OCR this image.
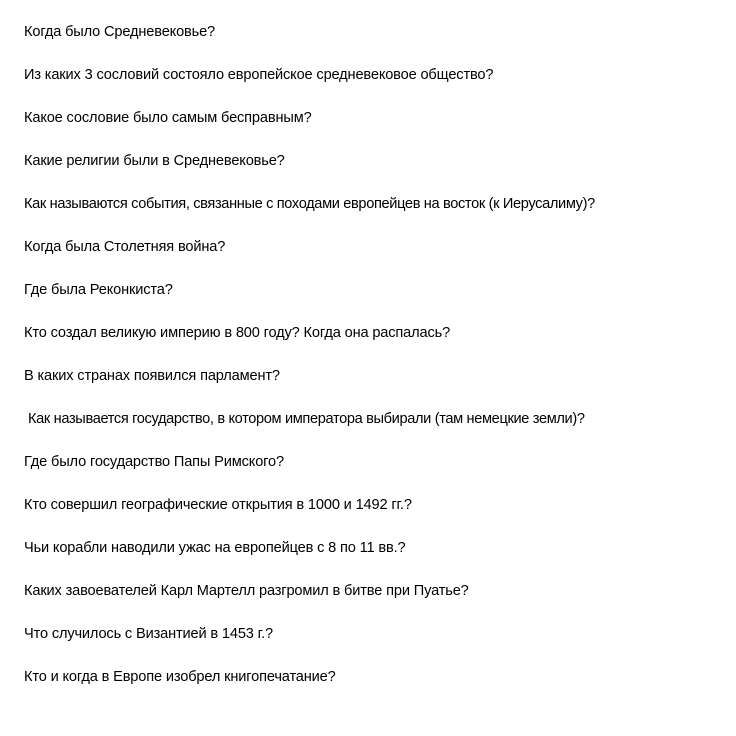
Когда было Средневековье?
Из каких 3 сословий состояло европейское средневековое общество?
Какое сословие было самым бесправным?
Какие религии были в Средневековье?
Как называются события, связанные с походами европейцев на восток (к Иерусалиму)?
Когда была Столетняя война?
Где была Реконкиста?
Кто создал великую империю в 800 году? Когда она распалась?
В каких странах появился парламент?
Как называется государство, в котором императора выбирали (там немецкие земли)?
Где было государство Папы Римского?
Кто совершил географические открытия в 1000 и 1492 гг.?
Чьи корабли наводили ужас на европейцев с 8 по 11 вв.?
Каких завоевателей Карл Мартелл разгромил в битве при Пуатье?
Что случилось с Византией в 1453 г.?
Кто и когда в Европе изобрел книгопечатание?
